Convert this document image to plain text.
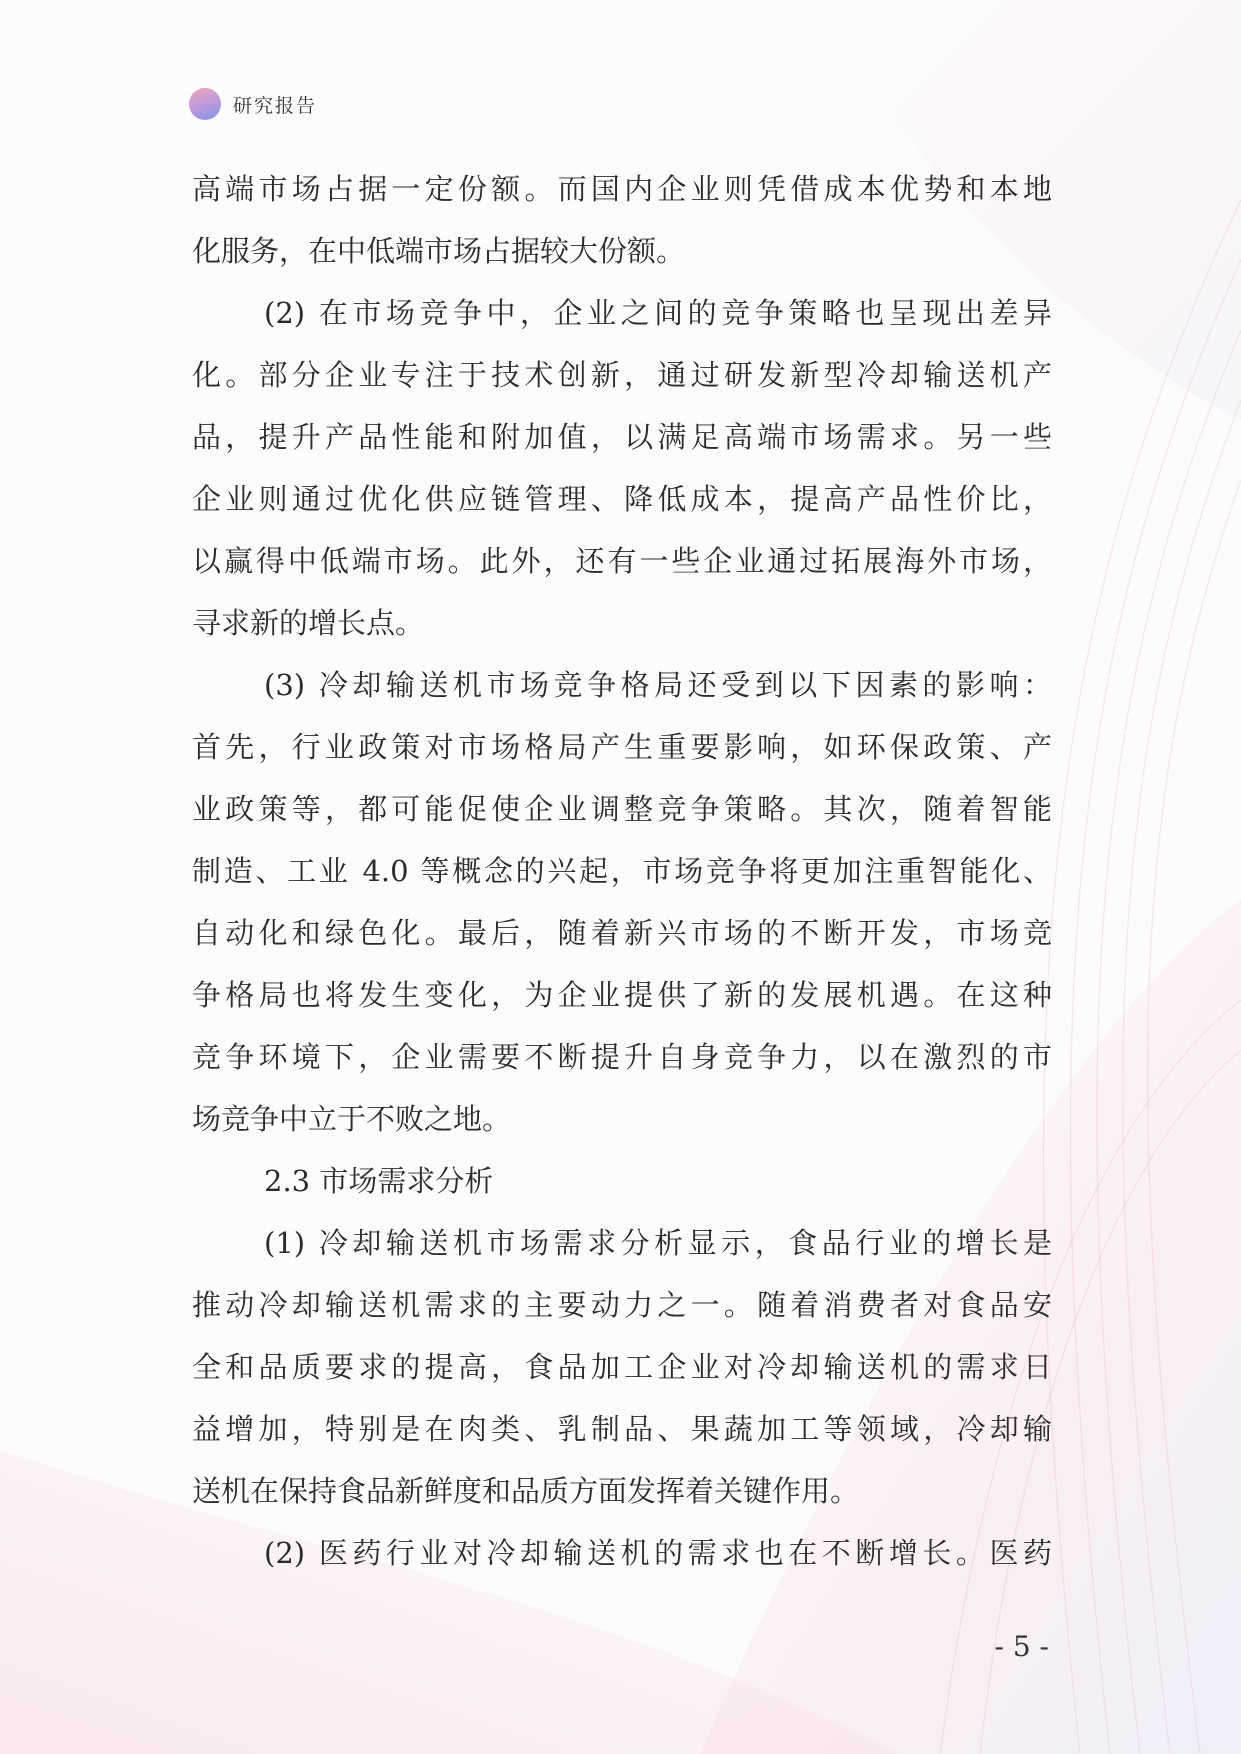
研究报告
高端市场占据一定份额。而国内企业则凭借成本优势和本地
化服务，在中低端市场占据较大份额。
(2) 在市场竞争中，企业之间的竞争策略也呈现出差异
化。部分企业专注于技术创新，通过研发新型冷却输送机产
品，提升产品性能和附加值，以满足高端市场需求。另一些
企业则通过优化供应链管理、降低成本，提高产品性价比，
以赢得中低端市场。此外，还有一些企业通过拓展海外市场，
寻求新的增长点。
(3) 冷却输送机市场竞争格局还受到以下因素的影响：
首先，行业政策对市场格局产生重要影响，如环保政策、产
业政策等，都可能促使企业调整竞争策略。其次，随着智能
制造、工业 4.0 等概念的兴起，市场竞争将更加注重智能化、
自动化和绿色化。最后，随着新兴市场的不断开发，市场竞
争格局也将发生变化，为企业提供了新的发展机遇。在这种
竞争环境下，企业需要不断提升自身竞争力，以在激烈的市
场竞争中立于不败之地。
2.3 市场需求分析
(1) 冷却输送机市场需求分析显示，食品行业的增长是
推动冷却输送机需求的主要动力之一。随着消费者对食品安
全和品质要求的提高，食品加工企业对冷却输送机的需求日
益增加，特别是在肉类、乳制品、果蔬加工等领域，冷却输
送机在保持食品新鲜度和品质方面发挥着关键作用。
(2) 医药行业对冷却输送机的需求也在不断增长。医药
- 5 -
